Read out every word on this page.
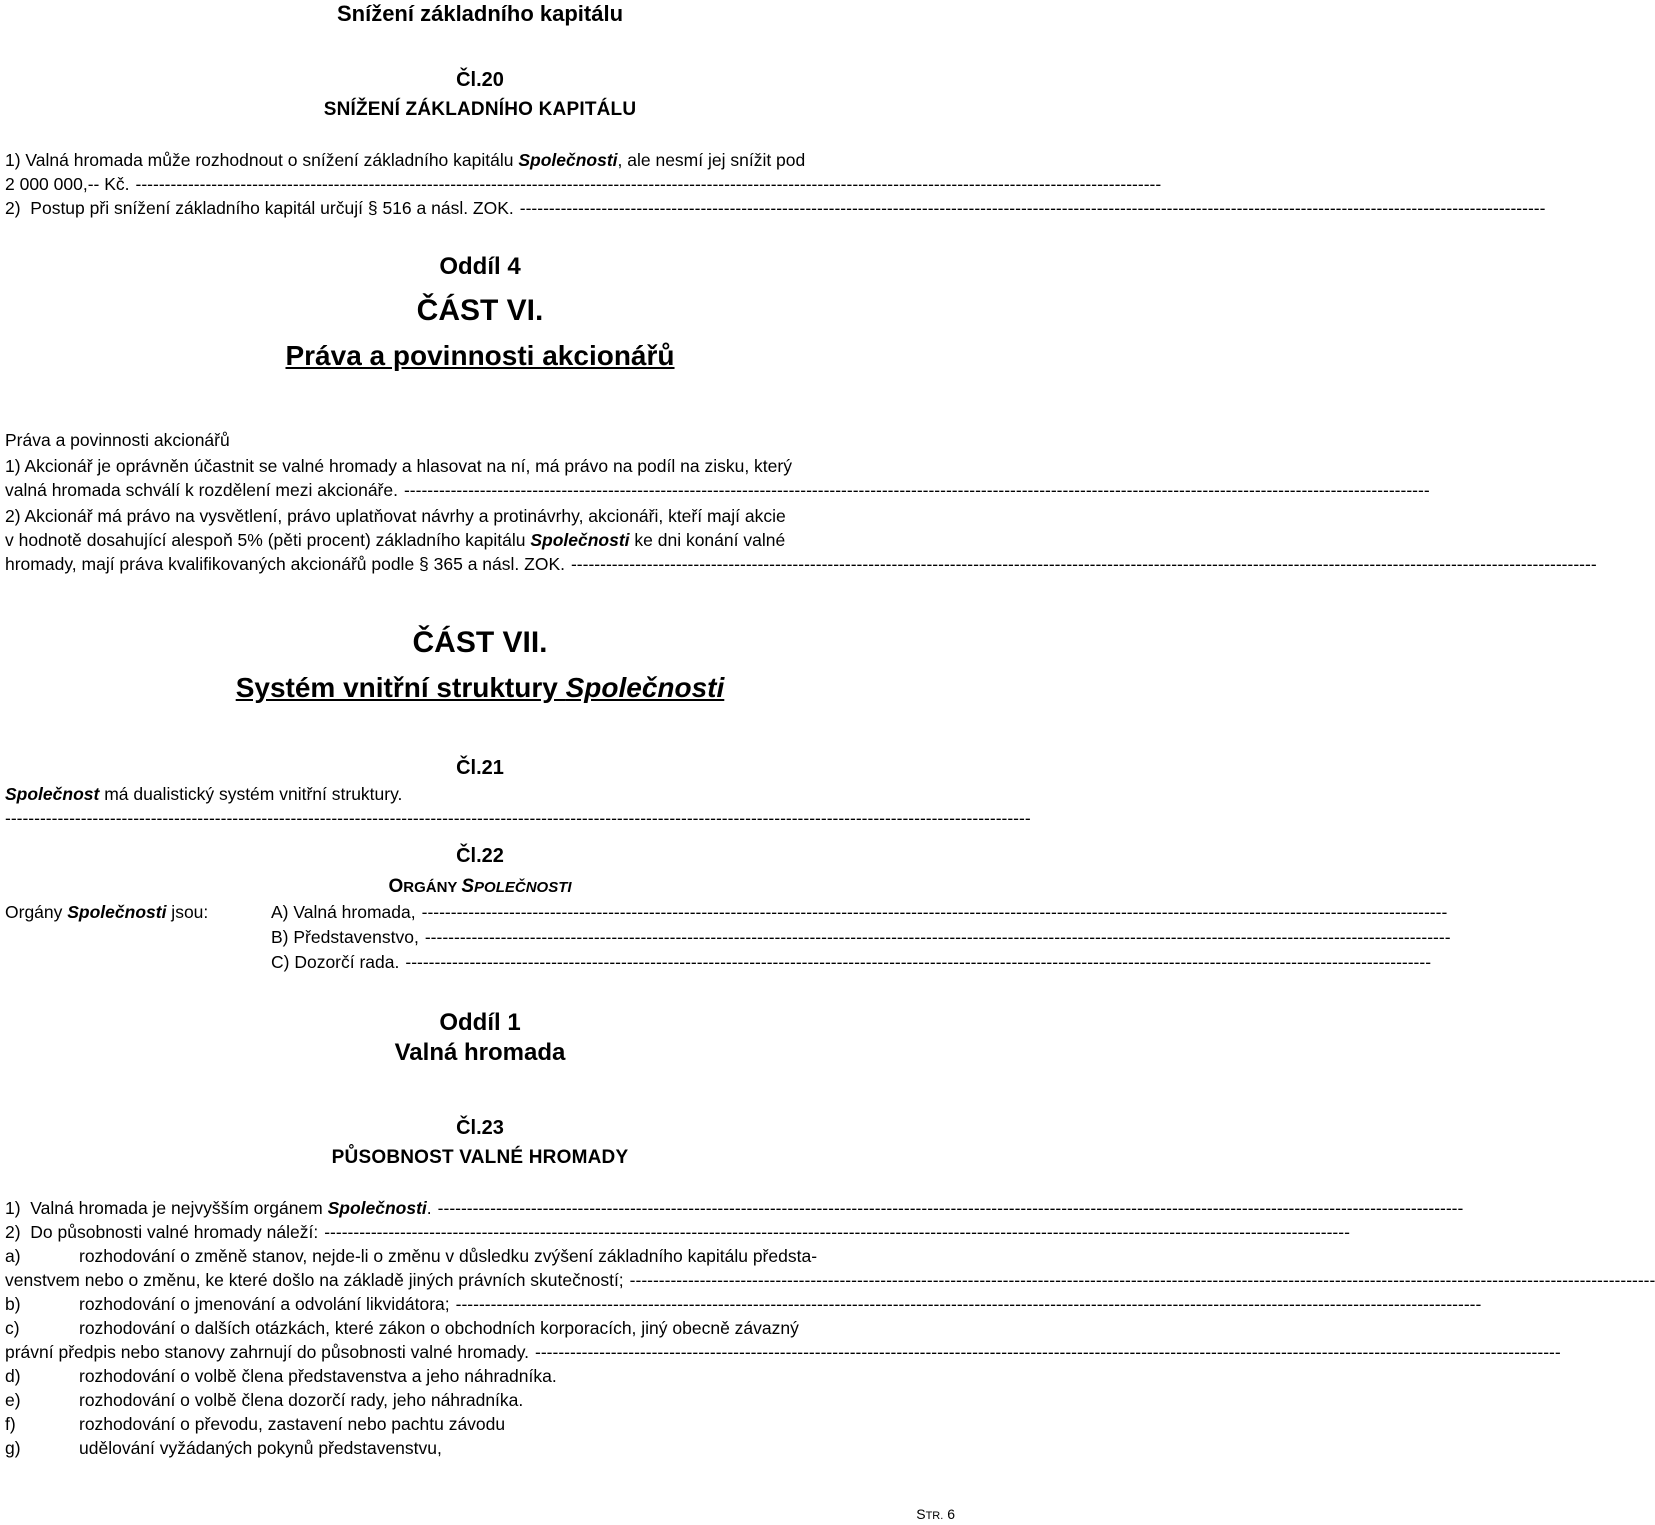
Snížení základního kapitálu
Čl.20
SNÍŽENÍ ZÁKLADNÍHO KAPITÁLU
1) Valná hromada může rozhodnout o snížení základního kapitálu Společnosti, ale nesmí jej snížit pod
2 000 000,-- Kč. --------------------------------------------------------------------------------------------------------------------------------------------------------------------------------
2)  Postup při snížení základního kapitál určují § 516 a násl. ZOK. --------------------------------------------------------------------------------------------------------------------------------------------------------------------------------
Oddíl 4
ČÁST VI.
Práva a povinnosti akcionářů
Práva a povinnosti akcionářů
1) Akcionář je oprávněn účastnit se valné hromady a hlasovat na ní, má právo na podíl na zisku, který
valná hromada schválí k rozdělení mezi akcionáře. --------------------------------------------------------------------------------------------------------------------------------------------------------------------------------
2) Akcionář má právo na vysvětlení, právo uplatňovat návrhy a protinávrhy, akcionáři, kteří mají akcie
v hodnotě dosahující alespoň 5% (pěti procent) základního kapitálu Společnosti ke dni konání valné
hromady, mají práva kvalifikovaných akcionářů podle § 365 a násl. ZOK. --------------------------------------------------------------------------------------------------------------------------------------------------------------------------------
ČÁST VII.
Systém vnitřní struktury Společnosti
Čl.21
Společnost má dualistický systém vnitřní struktury.
--------------------------------------------------------------------------------------------------------------------------------------------------------------------------------
Čl.22
ORGÁNY SPOLEČNOSTI
Orgány Společnosti jsou:	A) Valná hromada, --------------------------------------------------------------------------------------------------------------------------------------------------------------------------------
B) Představenstvo, --------------------------------------------------------------------------------------------------------------------------------------------------------------------------------
C) Dozorčí rada. --------------------------------------------------------------------------------------------------------------------------------------------------------------------------------
Oddíl 1
Valná hromada
Čl.23
PŮSOBNOST VALNÉ HROMADY
1)  Valná hromada je nejvyšším orgánem Společnosti. --------------------------------------------------------------------------------------------------------------------------------------------------------------------------------
2)  Do působnosti valné hromady náleží: --------------------------------------------------------------------------------------------------------------------------------------------------------------------------------
a)	rozhodování o změně stanov, nejde-li o změnu v důsledku zvýšení základního kapitálu předsta-
venstvem nebo o změnu, ke které došlo na základě jiných právních skutečností; --------------------------------------------------------------------------------------------------------------------------------------------------------------------------------
b)	rozhodování o jmenování a odvolání likvidátora; --------------------------------------------------------------------------------------------------------------------------------------------------------------------------------
c)	rozhodování o dalších otázkách, které zákon o obchodních korporacích, jiný obecně závazný
právní předpis nebo stanovy zahrnují do působnosti valné hromady. --------------------------------------------------------------------------------------------------------------------------------------------------------------------------------
d)	rozhodování o volbě člena představenstva a jeho náhradníka.
e)	rozhodování o volbě člena dozorčí rady, jeho náhradníka.
f)	rozhodování o převodu, zastavení nebo pachtu závodu
g)	udělování vyžádaných pokynů představenstvu,
STR. 6
